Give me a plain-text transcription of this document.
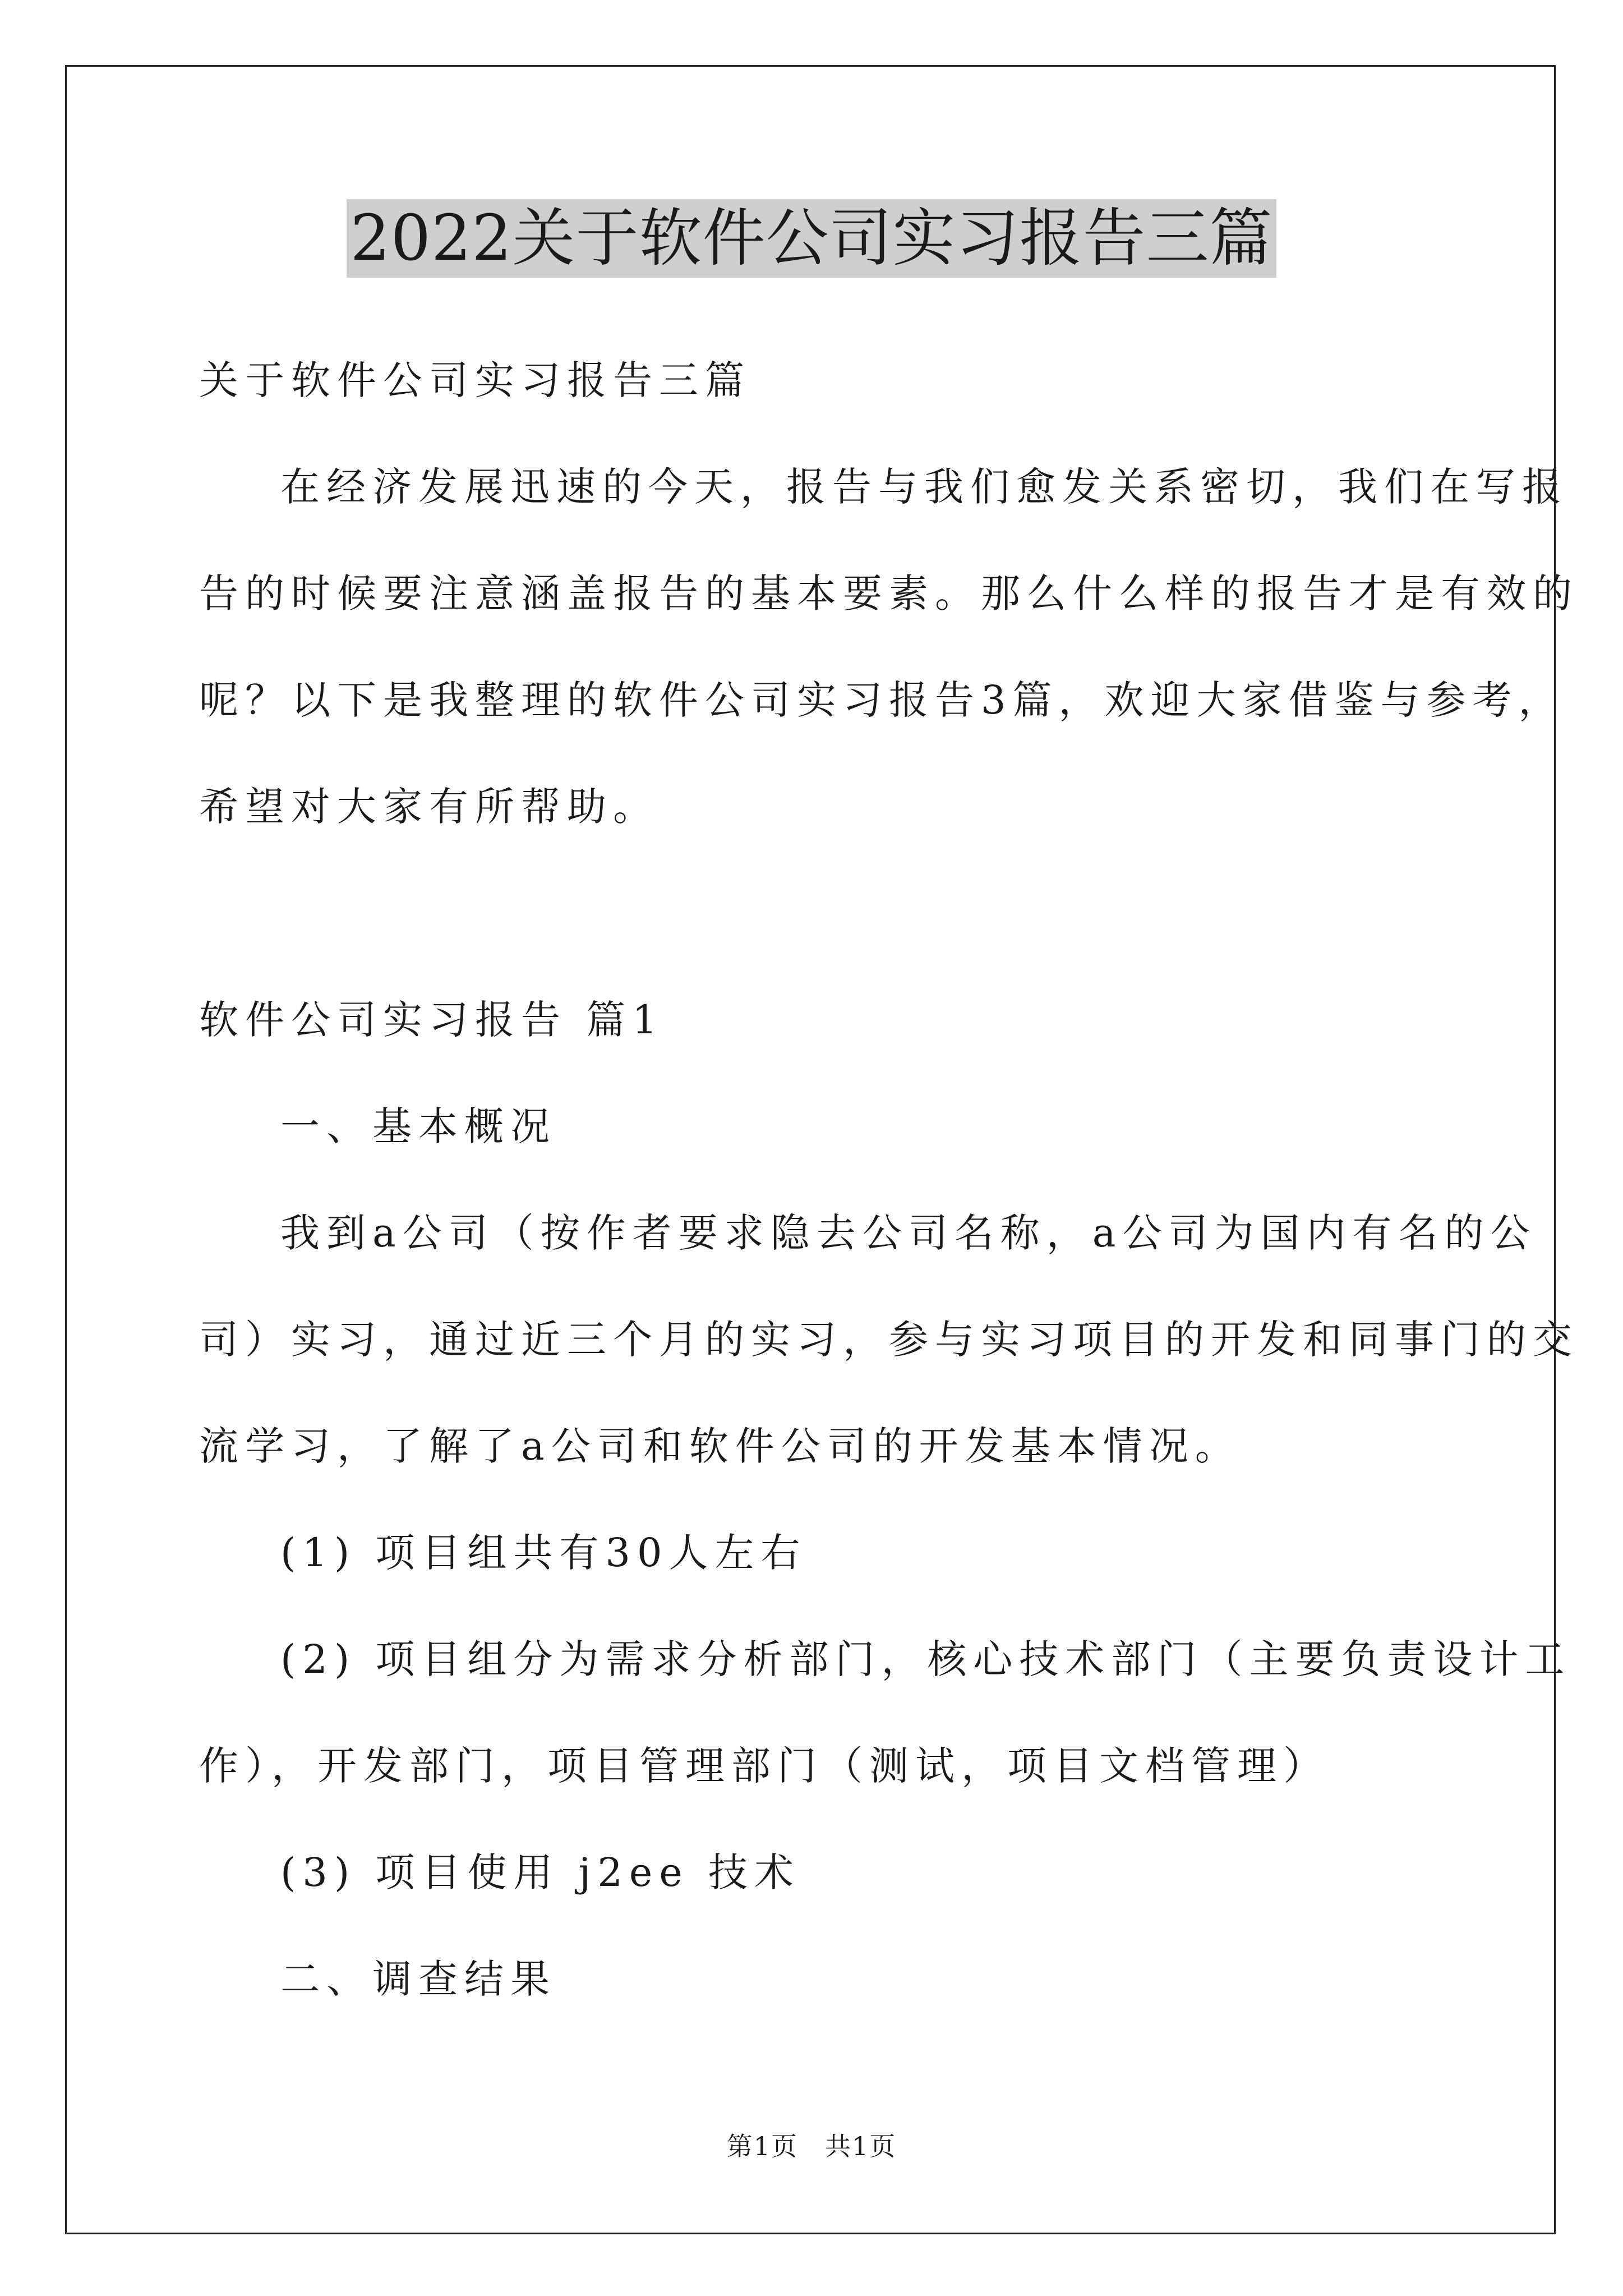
2022关于软件公司实习报告三篇
关于软件公司实习报告三篇
在经济发展迅速的今天，报告与我们愈发关系密切，我们在写报
告的时候要注意涵盖报告的基本要素。那么什么样的报告才是有效的
呢？以下是我整理的软件公司实习报告3篇，欢迎大家借鉴与参考，
希望对大家有所帮助。
软件公司实习报告 篇1
一、基本概况
我到a公司（按作者要求隐去公司名称，a公司为国内有名的公
司）实习，通过近三个月的实习，参与实习项目的开发和同事门的交
流学习，了解了a公司和软件公司的开发基本情况。
(1) 项目组共有30人左右
(2) 项目组分为需求分析部门，核心技术部门（主要负责设计工
作），开发部门，项目管理部门（测试，项目文档管理）
(3) 项目使用 j2ee 技术
二、调查结果
第1页 共1页
